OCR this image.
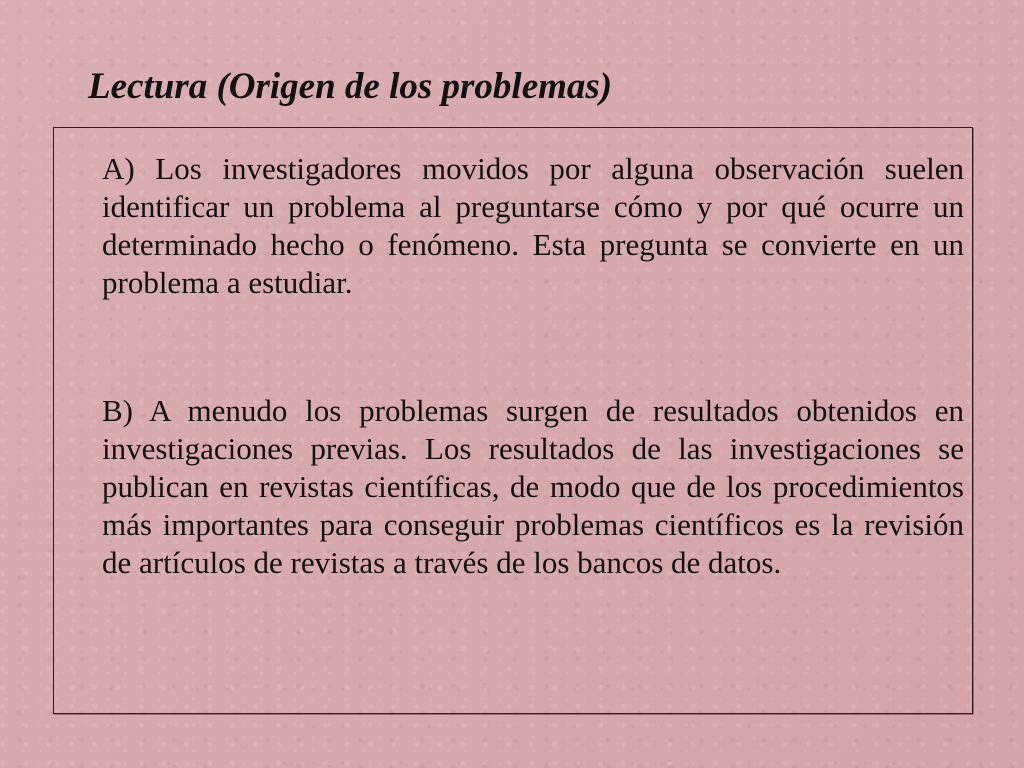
Lectura (Origen de los problemas)

A) Los investigadores movidos por alguna observación suelen identificar un problema al preguntarse cómo y por qué ocurre un determinado hecho o fenómeno. Esta pregunta se convierte en un problema a estudiar.

B) A menudo los problemas surgen de resultados obtenidos en investigaciones previas. Los resultados de las investigaciones se publican en revistas científicas, de modo que de los procedimientos más importantes para conseguir problemas científicos es la revisión de artículos de revistas a través de los bancos de datos.
